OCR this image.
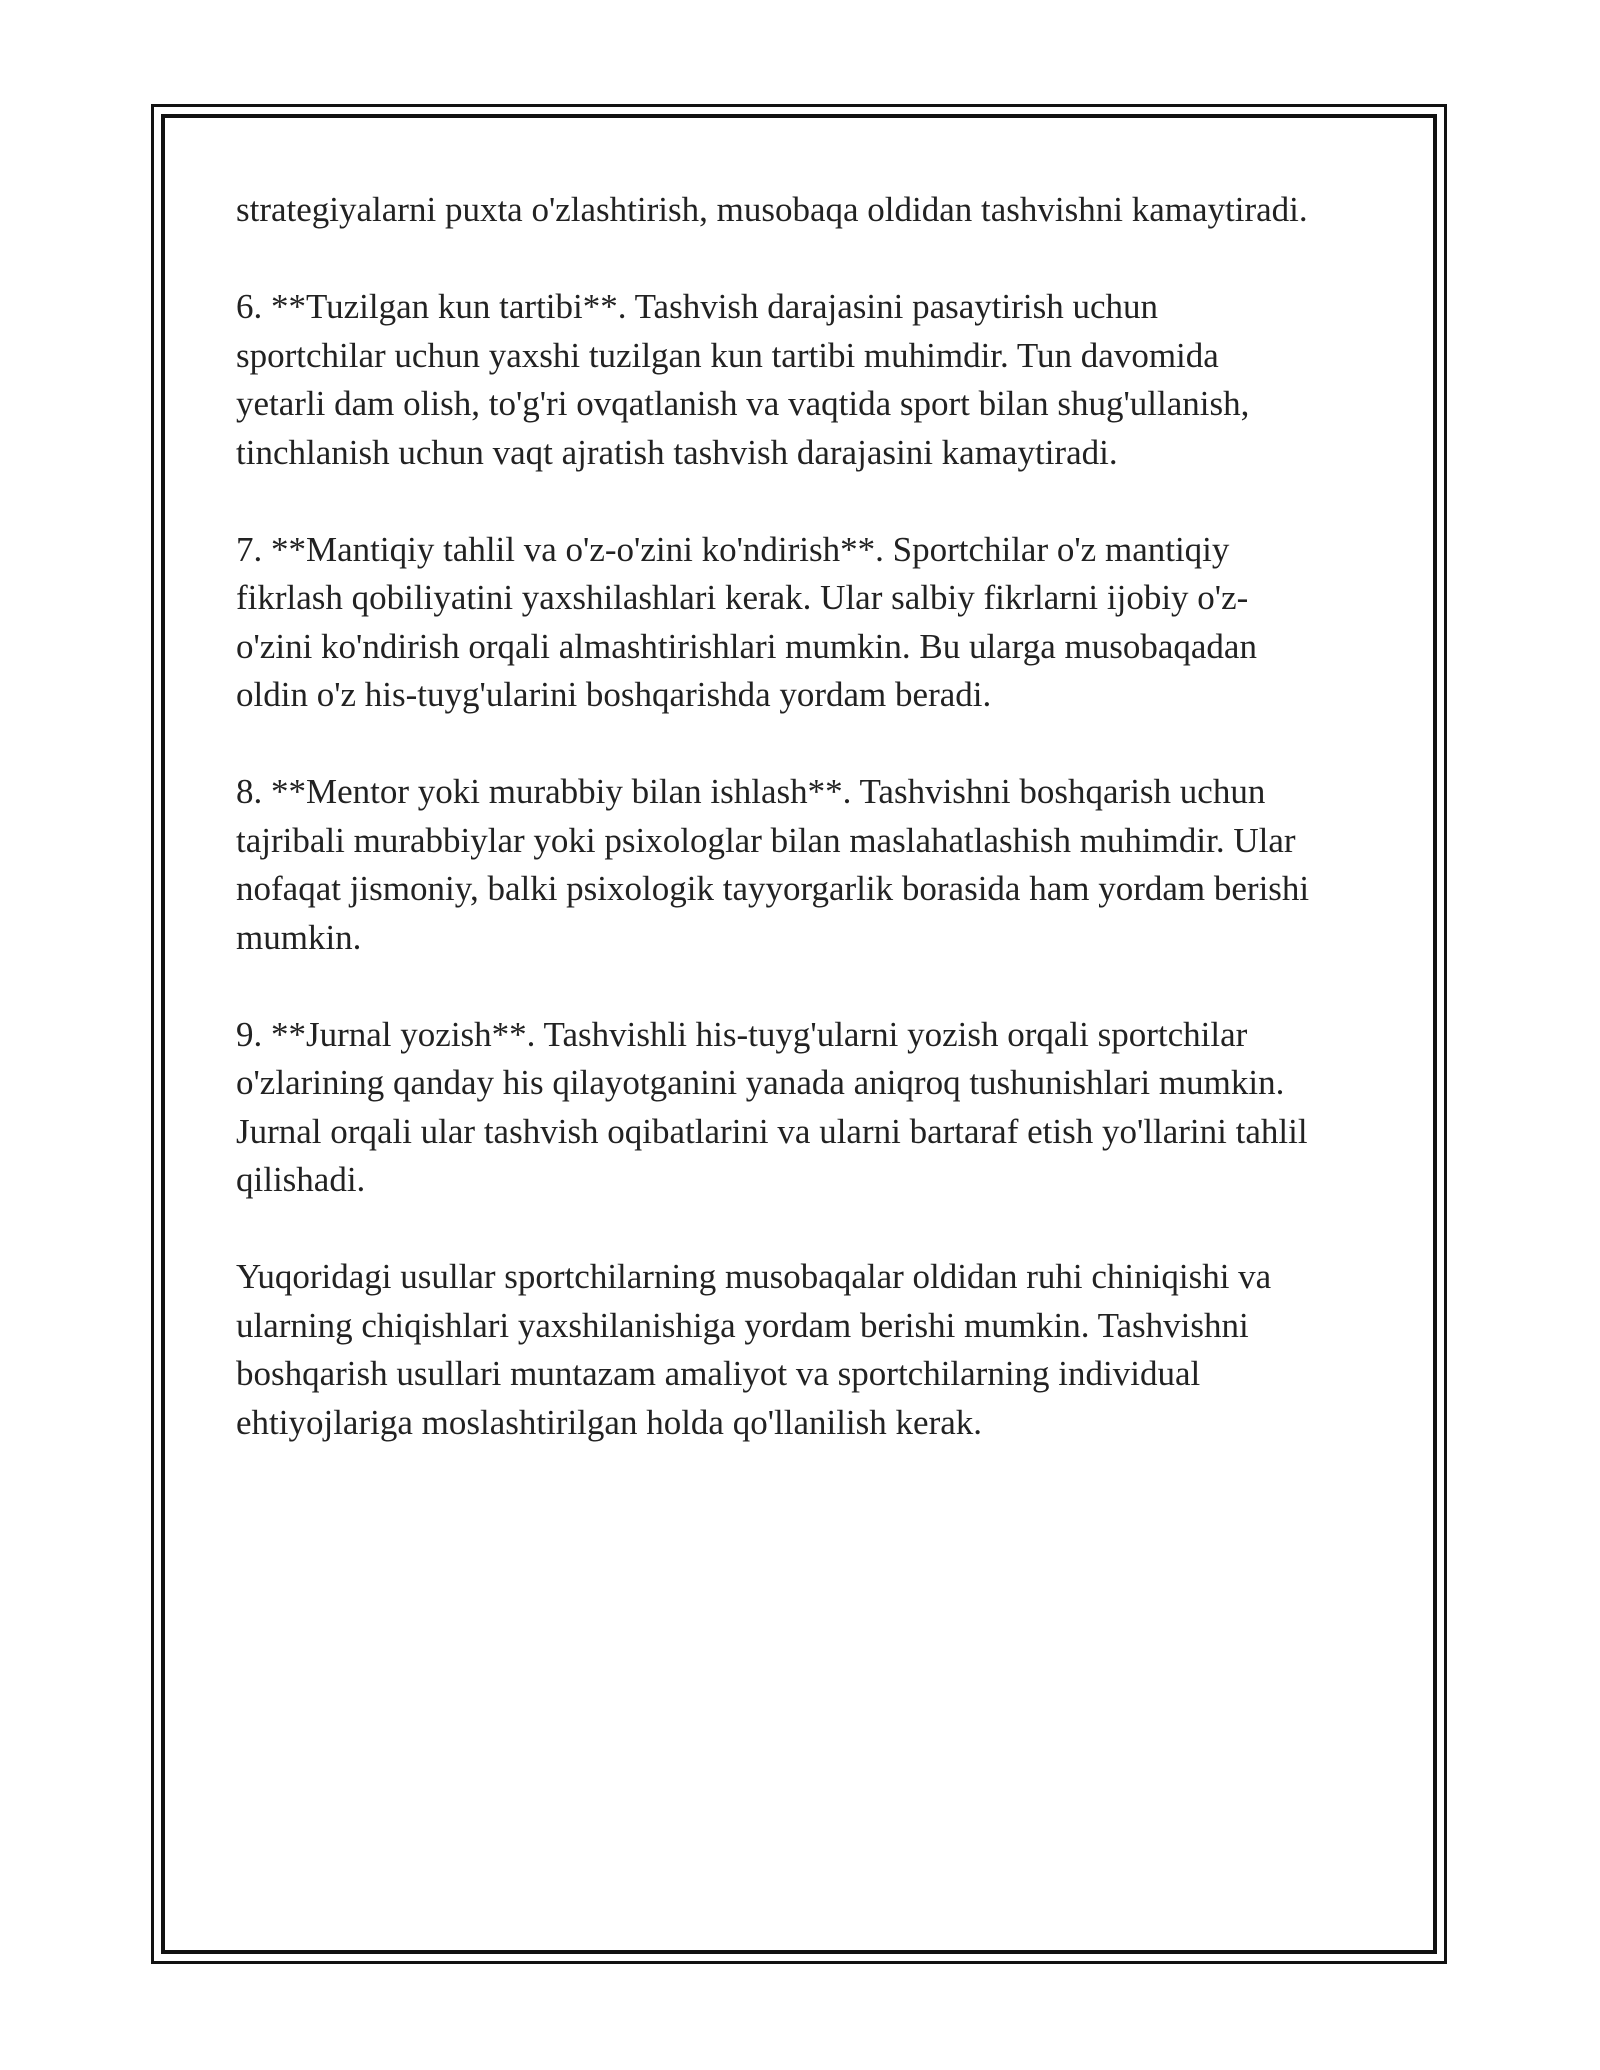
strategiyalarni puxta o'zlashtirish, musobaqa oldidan tashvishni kamaytiradi.

6. **Tuzilgan kun tartibi**. Tashvish darajasini pasaytirish uchun
sportchilar uchun yaxshi tuzilgan kun tartibi muhimdir. Tun davomida
yetarli dam olish, to'g'ri ovqatlanish va vaqtida sport bilan shug'ullanish,
tinchlanish uchun vaqt ajratish tashvish darajasini kamaytiradi.

7. **Mantiqiy tahlil va o'z-o'zini ko'ndirish**. Sportchilar o'z mantiqiy
fikrlash qobiliyatini yaxshilashlari kerak. Ular salbiy fikrlarni ijobiy o'z-
o'zini ko'ndirish orqali almashtirishlari mumkin. Bu ularga musobaqadan
oldin o'z his-tuyg'ularini boshqarishda yordam beradi.

8. **Mentor yoki murabbiy bilan ishlash**. Tashvishni boshqarish uchun
tajribali murabbiylar yoki psixologlar bilan maslahatlashish muhimdir. Ular
nofaqat jismoniy, balki psixologik tayyorgarlik borasida ham yordam berishi
mumkin.

9. **Jurnal yozish**. Tashvishli his-tuyg'ularni yozish orqali sportchilar
o'zlarining qanday his qilayotganini yanada aniqroq tushunishlari mumkin.
Jurnal orqali ular tashvish oqibatlarini va ularni bartaraf etish yo'llarini tahlil
qilishadi.

Yuqoridagi usullar sportchilarning musobaqalar oldidan ruhi chiniqishi va
ularning chiqishlari yaxshilanishiga yordam berishi mumkin. Tashvishni
boshqarish usullari muntazam amaliyot va sportchilarning individual
ehtiyojlariga moslashtirilgan holda qo'llanilish kerak.
